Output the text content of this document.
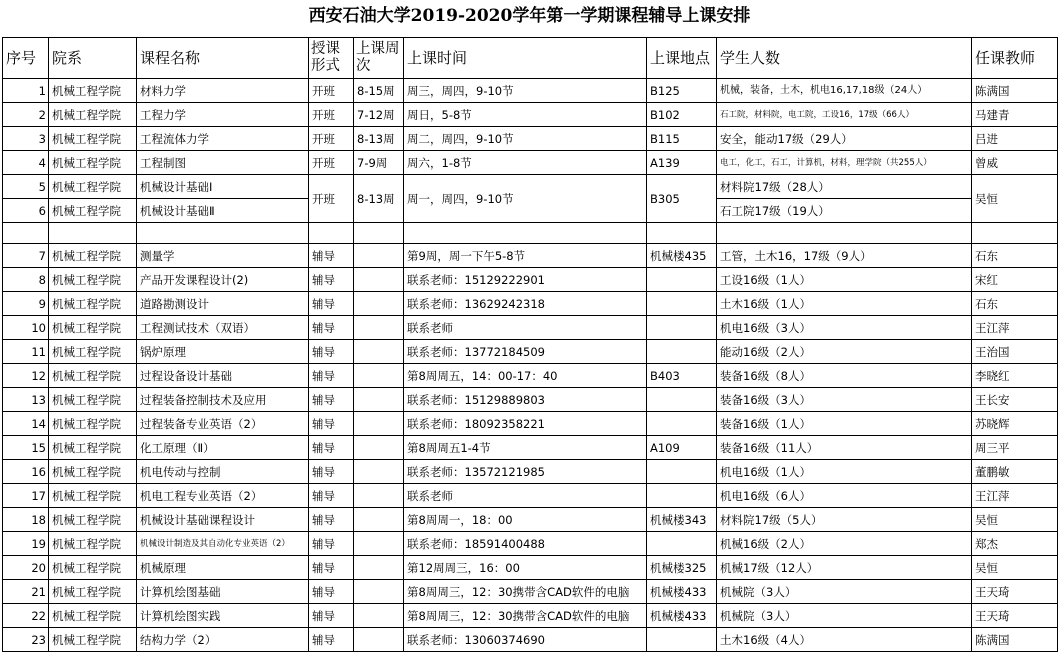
西安石油大学2019-2020学年第一学期课程辅导上课安排
序号	院系	课程名称	授课形式	上课周次	上课时间	上课地点	学生人数	任课教师
1	机械工程学院	材料力学	开班	8-15周	周三，周四，9-10节	B125	机械，装备，土木，机电16,17,18级（24人）	陈满国
2	机械工程学院	工程力学	开班	7-12周	周日，5-8节	B102	石工院，材料院，电工院，工设16，17级（66人）	马建青
3	机械工程学院	工程流体力学	开班	8-13周	周二，周四，9-10节	B115	安全，能动17级（29人）	吕进
4	机械工程学院	工程制图	开班	7-9周	周六，1-8节	A139	电工，化工，石工，计算机，材料，理学院（共255人）	曾威
5	机械工程学院	机械设计基础Ⅰ	开班	8-13周	周一，周四，9-10节	B305	材料院17级（28人）	吴恒
6	机械工程学院	机械设计基础Ⅱ					石工院17级（19人）	

7	机械工程学院	测量学	辅导		第9周，周一下午5-8节	机械楼435	工管，土木16，17级（9人）	石东
8	机械工程学院	产品开发课程设计(2)	辅导		联系老师：15129222901		工设16级（1人）	宋红
9	机械工程学院	道路勘测设计	辅导		联系老师：13629242318		土木16级（1人）	石东
10	机械工程学院	工程测试技术（双语）	辅导		联系老师		机电16级（3人）	王江萍
11	机械工程学院	锅炉原理	辅导		联系老师：13772184509		能动16级（2人）	王治国
12	机械工程学院	过程设备设计基础	辅导		第8周周五，14：00-17：40	B403	装备16级（8人）	李晓红
13	机械工程学院	过程装备控制技术及应用	辅导		联系老师：15129889803		装备16级（3人）	王长安
14	机械工程学院	过程装备专业英语（2）	辅导		联系老师：18092358221		装备16级（1人）	苏晓辉
15	机械工程学院	化工原理（Ⅱ）	辅导		第8周周五1-4节	A109	装备16级（11人）	周三平
16	机械工程学院	机电传动与控制	辅导		联系老师：13572121985		机电16级（1人）	董鹏敏
17	机械工程学院	机电工程专业英语（2）	辅导		联系老师		机电16级（6人）	王江萍
18	机械工程学院	机械设计基础课程设计	辅导		第8周周一，18：00	机械楼343	材料院17级（5人）	吴恒
19	机械工程学院	机械设计制造及其自动化专业英语（2）	辅导		联系老师：18591400488		机械16级（2人）	郑杰
20	机械工程学院	机械原理	辅导		第12周周三，16：00	机械楼325	机械17级（12人）	吴恒
21	机械工程学院	计算机绘图基础	辅导		第8周周三，12：30携带含CAD软件的电脑	机械楼433	机械院（3人）	王天琦
22	机械工程学院	计算机绘图实践	辅导		第8周周三，12：30携带含CAD软件的电脑	机械楼433	机械院（3人）	王天琦
23	机械工程学院	结构力学（2）	辅导		联系老师：13060374690		土木16级（4人）	陈满国
